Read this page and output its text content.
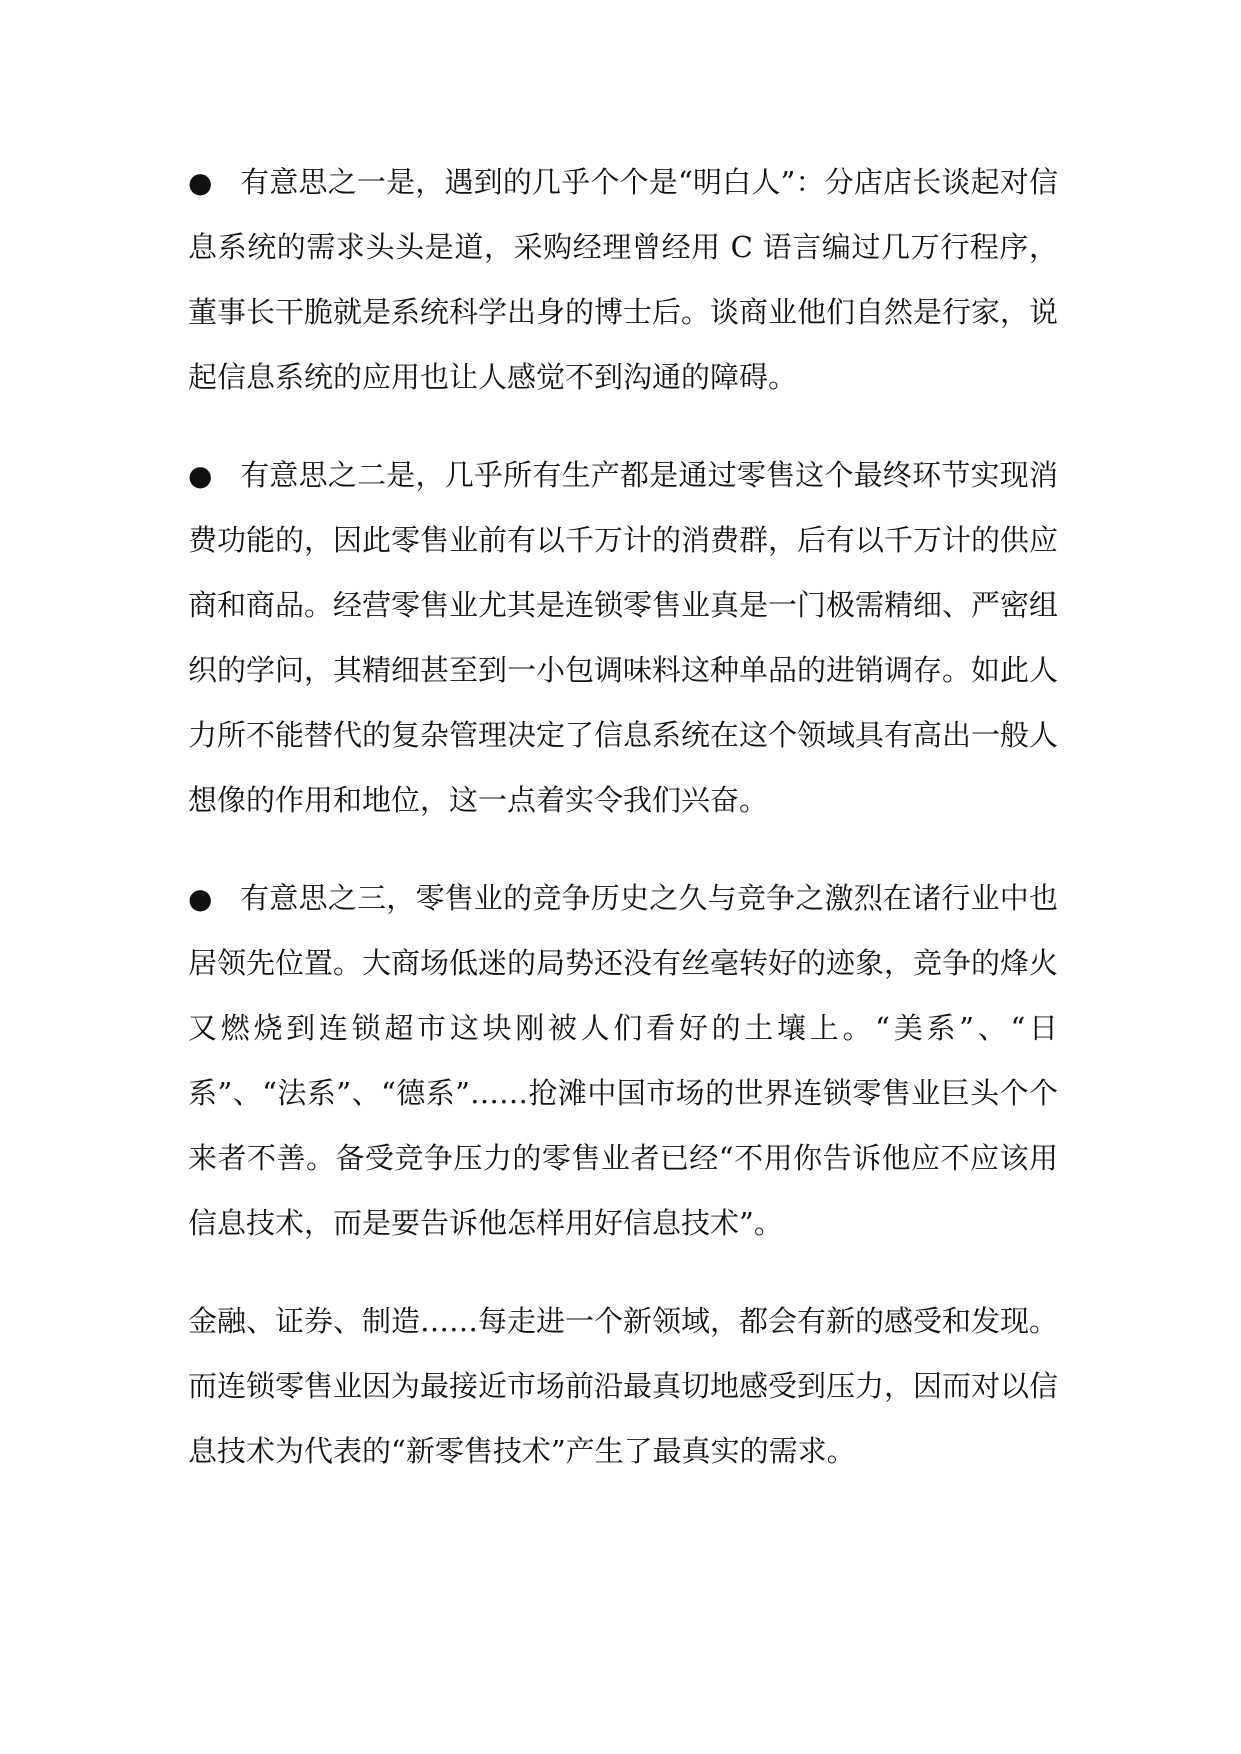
● 有意思之一是，遇到的几乎个个是“明白人”：分店店长谈起对信息系统的需求头头是道，采购经理曾经用 C 语言编过几万行程序，董事长干脆就是系统科学出身的博士后。谈商业他们自然是行家，说起信息系统的应用也让人感觉不到沟通的障碍。

● 有意思之二是，几乎所有生产都是通过零售这个最终环节实现消费功能的，因此零售业前有以千万计的消费群，后有以千万计的供应商和商品。经营零售业尤其是连锁零售业真是一门极需精细、严密组织的学问，其精细甚至到一小包调味料这种单品的进销调存。如此人力所不能替代的复杂管理决定了信息系统在这个领域具有高出一般人想像的作用和地位，这一点着实令我们兴奋。

● 有意思之三，零售业的竞争历史之久与竞争之激烈在诸行业中也居领先位置。大商场低迷的局势还没有丝毫转好的迹象，竞争的烽火又燃烧到连锁超市这块刚被人们看好的土壤上。“美系”、“日系”、“法系”、“德系”……抢滩中国市场的世界连锁零售业巨头个个来者不善。备受竞争压力的零售业者已经“不用你告诉他应不应该用信息技术，而是要告诉他怎样用好信息技术”。

金融、证券、制造……每走进一个新领域，都会有新的感受和发现。而连锁零售业因为最接近市场前沿最真切地感受到压力，因而对以信息技术为代表的“新零售技术”产生了最真实的需求。
